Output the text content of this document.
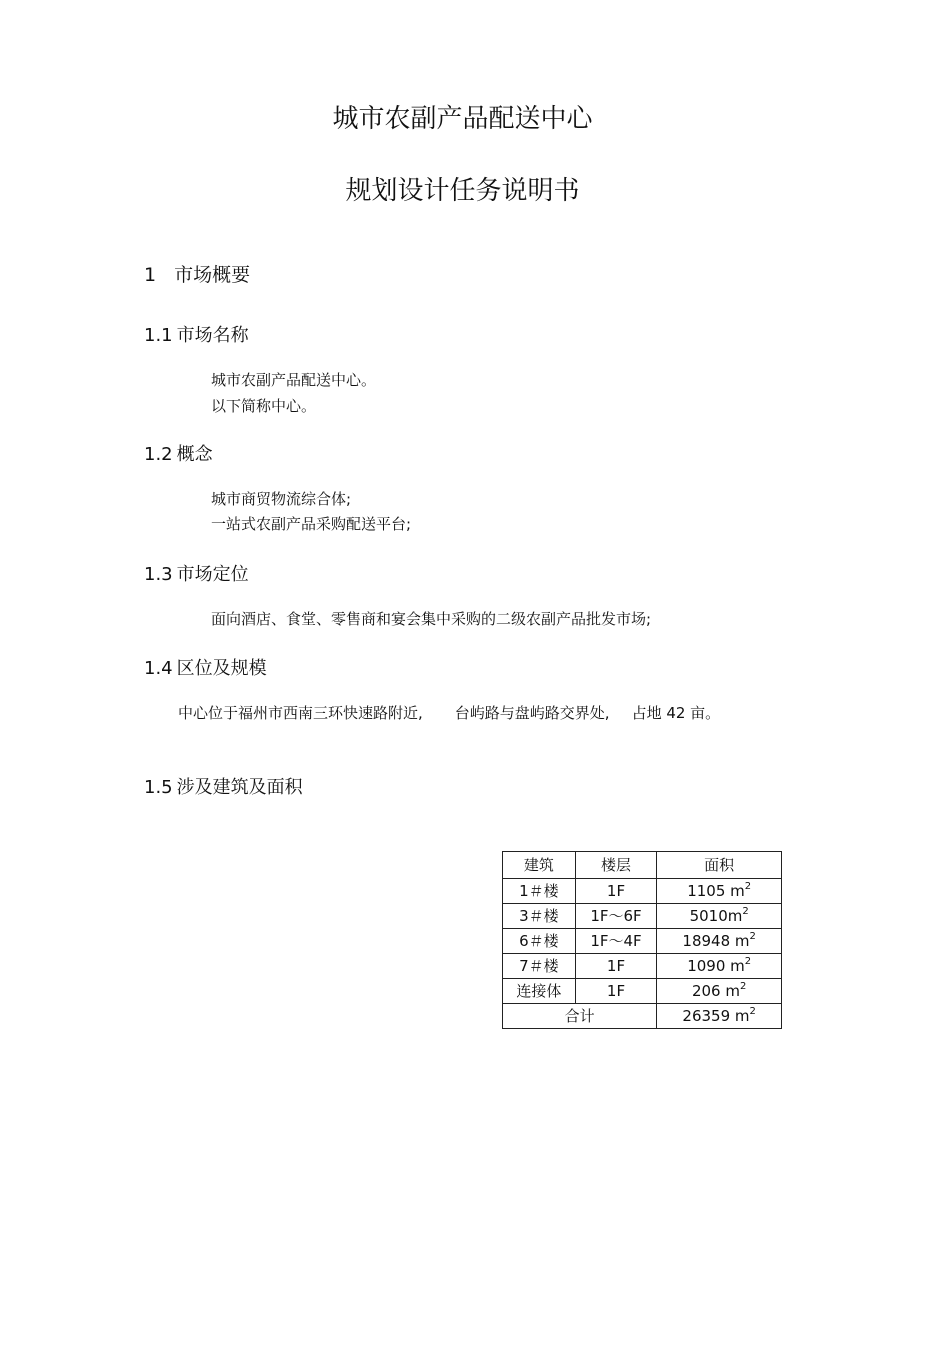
城市农副产品配送中心
规划设计任务说明书
1 市场概要
1.1 市场名称
城市农副产品配送中心。
以下简称中心。
1.2 概念
城市商贸物流综合体;
一站式农副产品采购配送平台;
1.3 市场定位
面向酒店、食堂、零售商和宴会集中采购的二级农副产品批发市场;
1.4 区位及规模
中心位于福州市西南三环快速路附近, 台屿路与盘屿路交界处, 占地 42 亩。
1.5 涉及建筑及面积
建筑	楼层	面积
1＃楼	1F	1105 $m^2$
3＃楼	1F～6F	$5010m^2$
6＃楼	1F～4F	18948 $m^2$
7＃楼	1F	1090 $m^2$
连接体	1F	206 $m^2$
合计		26359 $m^2$
